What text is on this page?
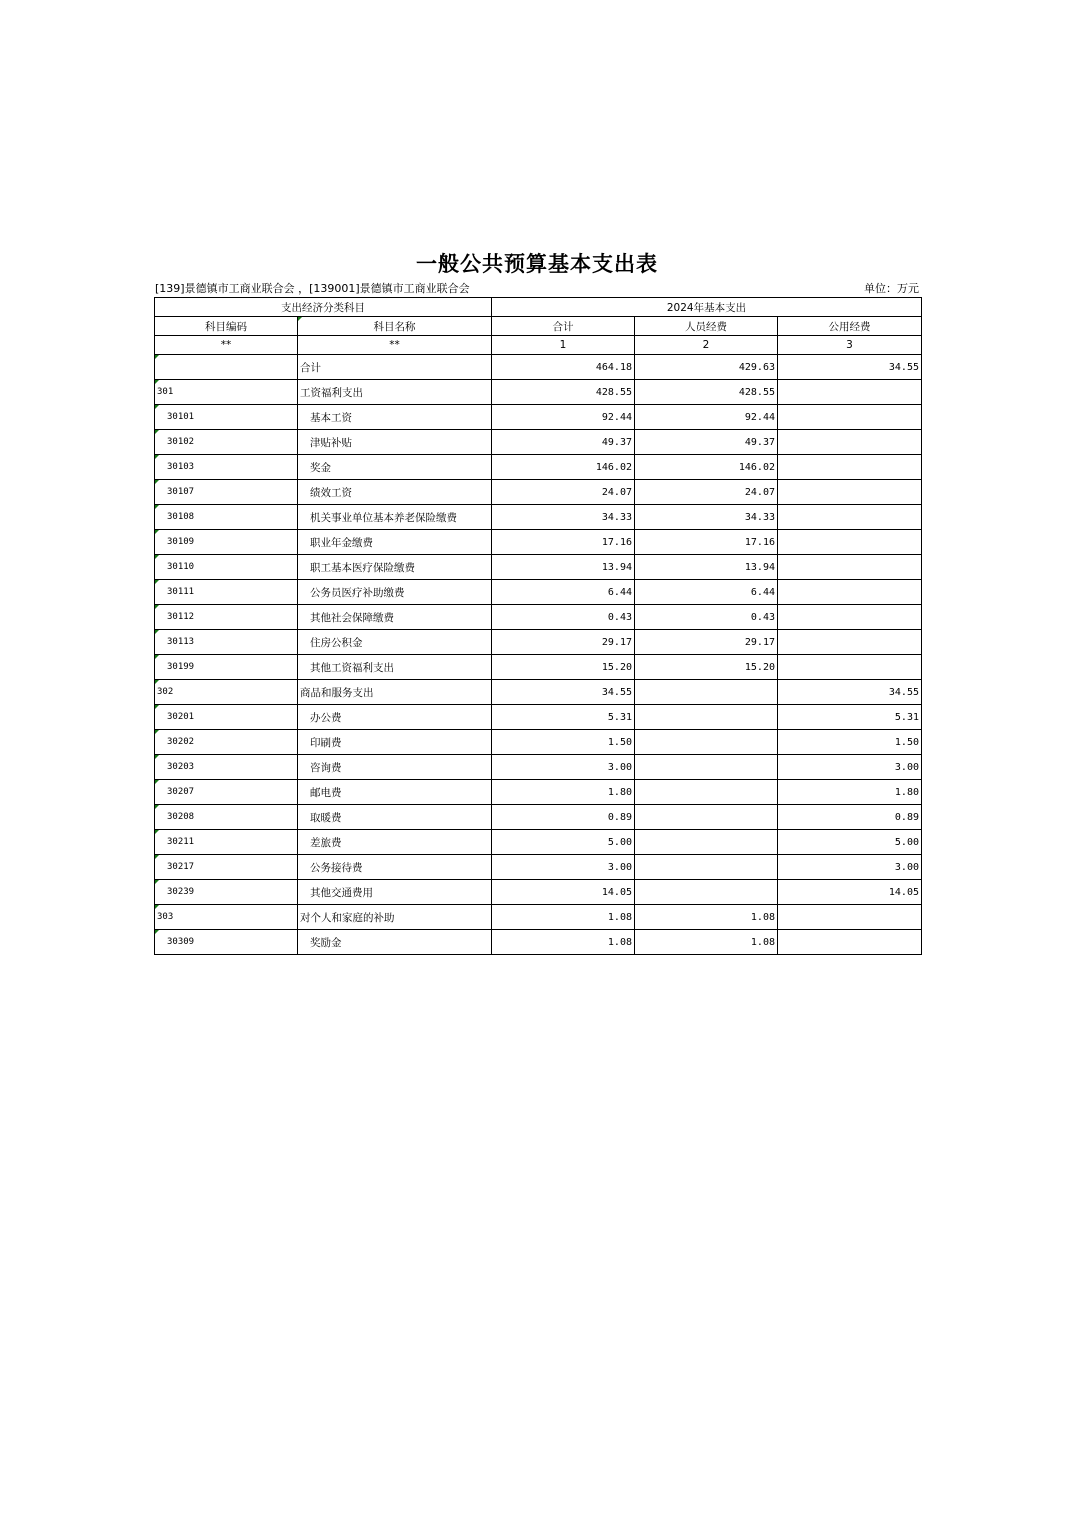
一般公共预算基本支出表
[139]景德镇市工商业联合会 ，[139001]景德镇市工商业联合会	单位：万元
支出经济分类科目		2024年基本支出		
科目编码	科目名称	合计	人员经费	公用经费
**	**	1	2	3
	合计	464.18	429.63	34.55
301	工资福利支出	428.55	428.55	
30101	基本工资	92.44	92.44	
30102	津贴补贴	49.37	49.37	
30103	奖金	146.02	146.02	
30107	绩效工资	24.07	24.07	
30108	机关事业单位基本养老保险缴费	34.33	34.33	
30109	职业年金缴费	17.16	17.16	
30110	职工基本医疗保险缴费	13.94	13.94	
30111	公务员医疗补助缴费	6.44	6.44	
30112	其他社会保障缴费	0.43	0.43	
30113	住房公积金	29.17	29.17	
30199	其他工资福利支出	15.20	15.20	
302	商品和服务支出	34.55		34.55
30201	办公费	5.31		5.31
30202	印刷费	1.50		1.50
30203	咨询费	3.00		3.00
30207	邮电费	1.80		1.80
30208	取暖费	0.89		0.89
30211	差旅费	5.00		5.00
30217	公务接待费	3.00		3.00
30239	其他交通费用	14.05		14.05
303	对个人和家庭的补助	1.08	1.08	
30309	奖励金	1.08	1.08	
